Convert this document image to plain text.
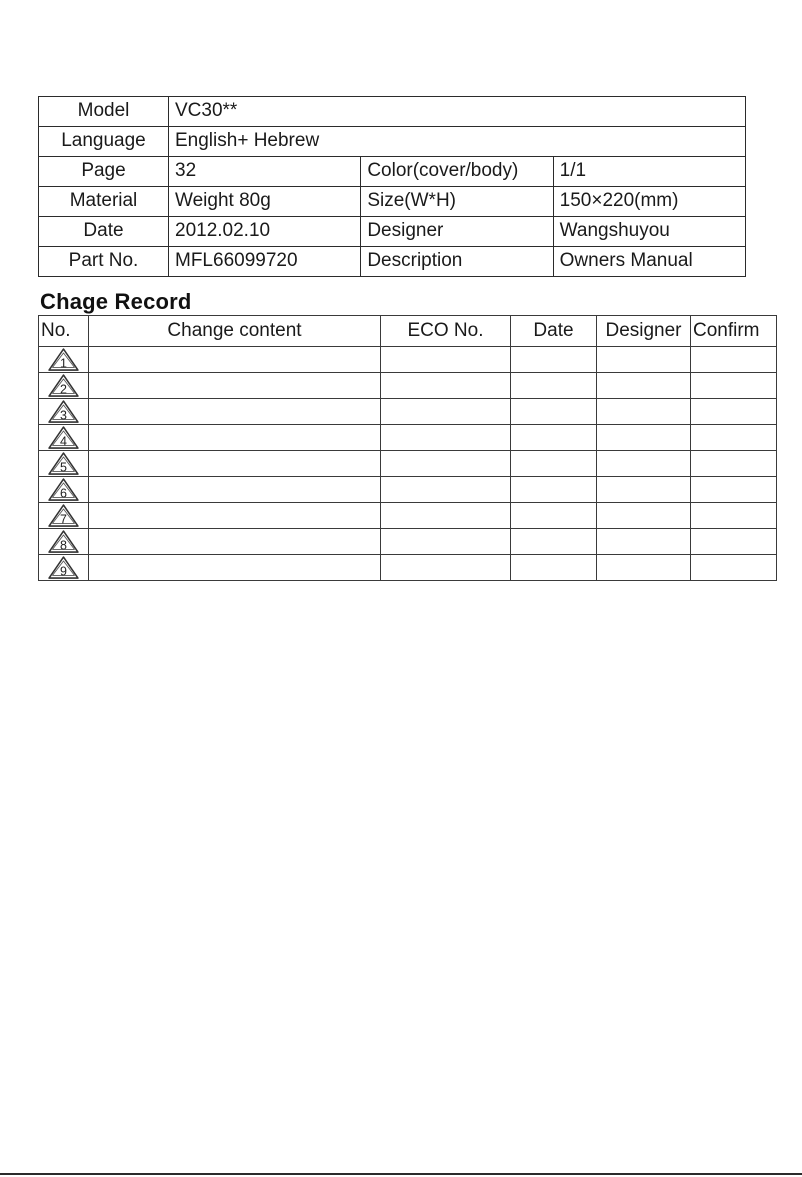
Model	VC30**		
Language	English+ Hebrew		
Page	32	Color(cover/body)	1/1
Material	Weight 80g	Size(W*H)	150×220(mm)
Date	2012.02.10	Designer	Wangshuyou
Part No.	MFL66099720	Description	Owners Manual
Chage Record
No.	Change content	ECO No.	Date	Designer	Confirm

1					

2					

3					

4					

5					

6					

7					

8					

9					
